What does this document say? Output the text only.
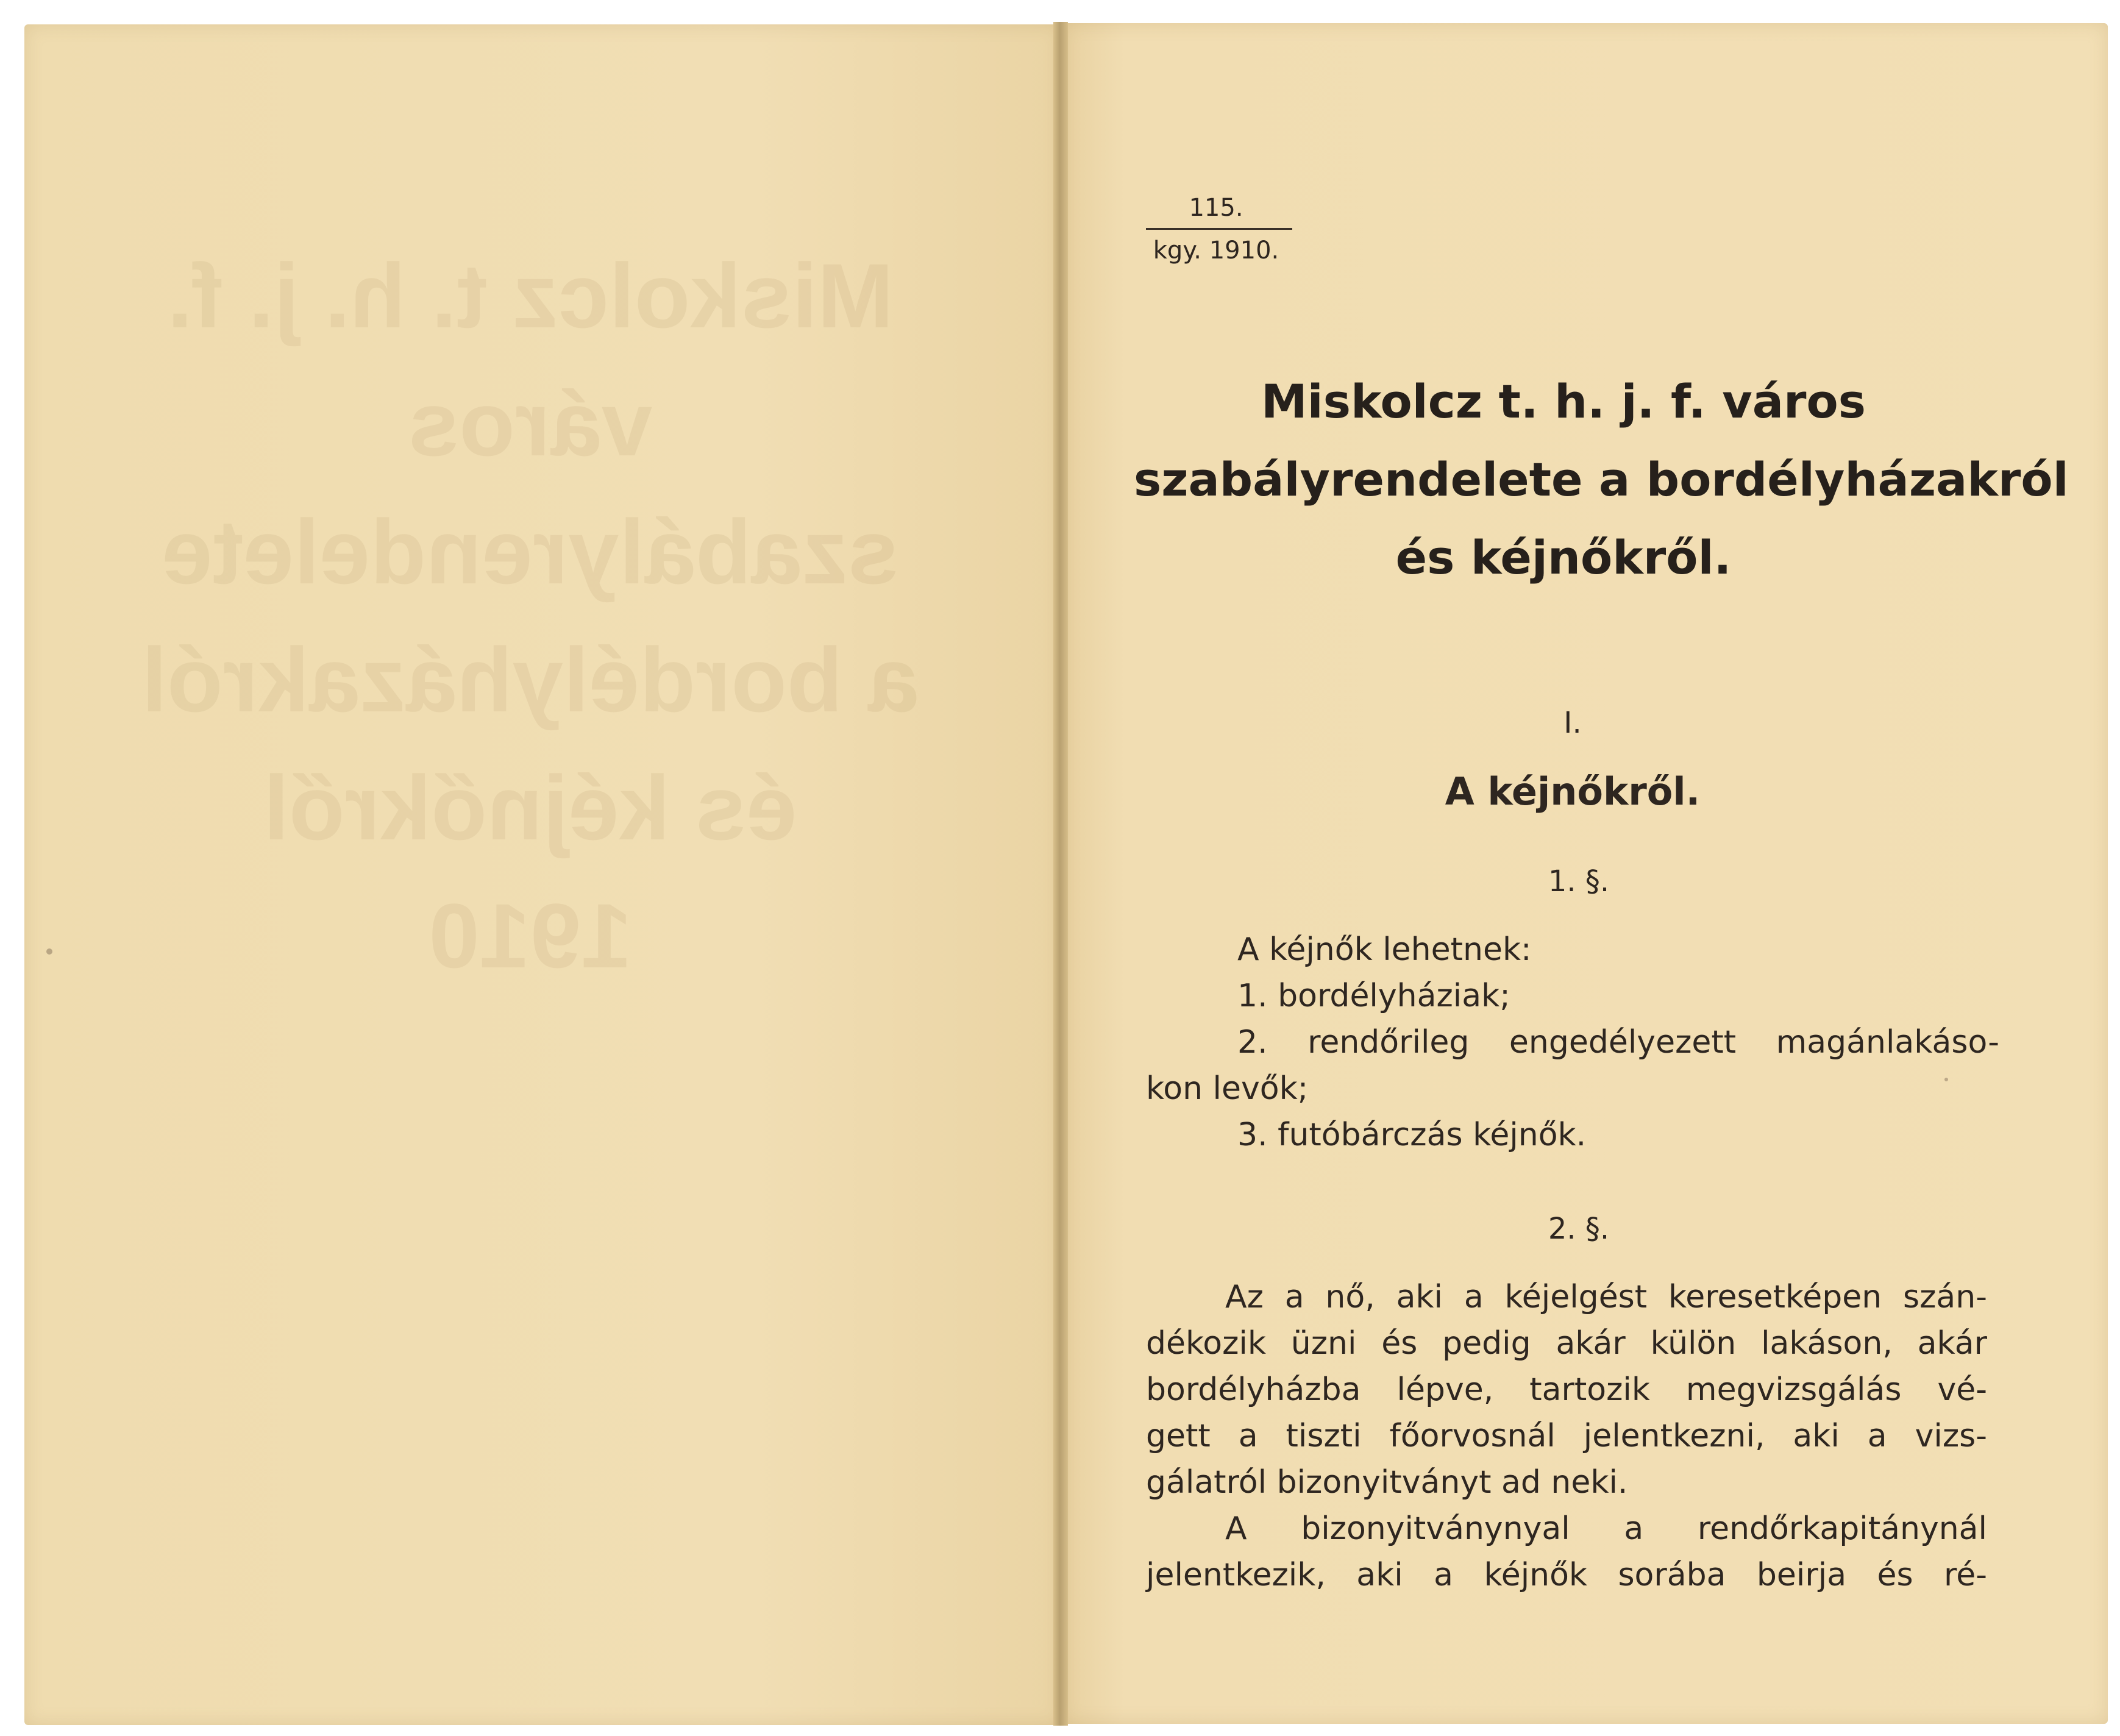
Miskolcz t. h. j. f. város
szabályrendelete
a bordélyházakról
és kéjnőkről
1910
115.
kgy. 1910.
Miskolcz t. h. j. f. város
szabályrendelete a bordélyházakról
és kéjnőkről.
I.
A kéjnőkről.
1. §.
A kéjnők lehetnek:
1. bordélyháziak;
2. rendőrileg engedélyezett magánlakáso-
kon levők;
3. futóbárczás kéjnők.
2. §.
Az a nő, aki a kéjelgést keresetképen szán-
dékozik üzni és pedig akár külön lakáson, akár
bordélyházba lépve, tartozik megvizsgálás vé-
gett a tiszti főorvosnál jelentkezni, aki a vizs-
gálatról bizonyitványt ad neki.
A bizonyitványnyal a rendőrkapitánynál
jelentkezik, aki a kéjnők sorába beirja és ré-
